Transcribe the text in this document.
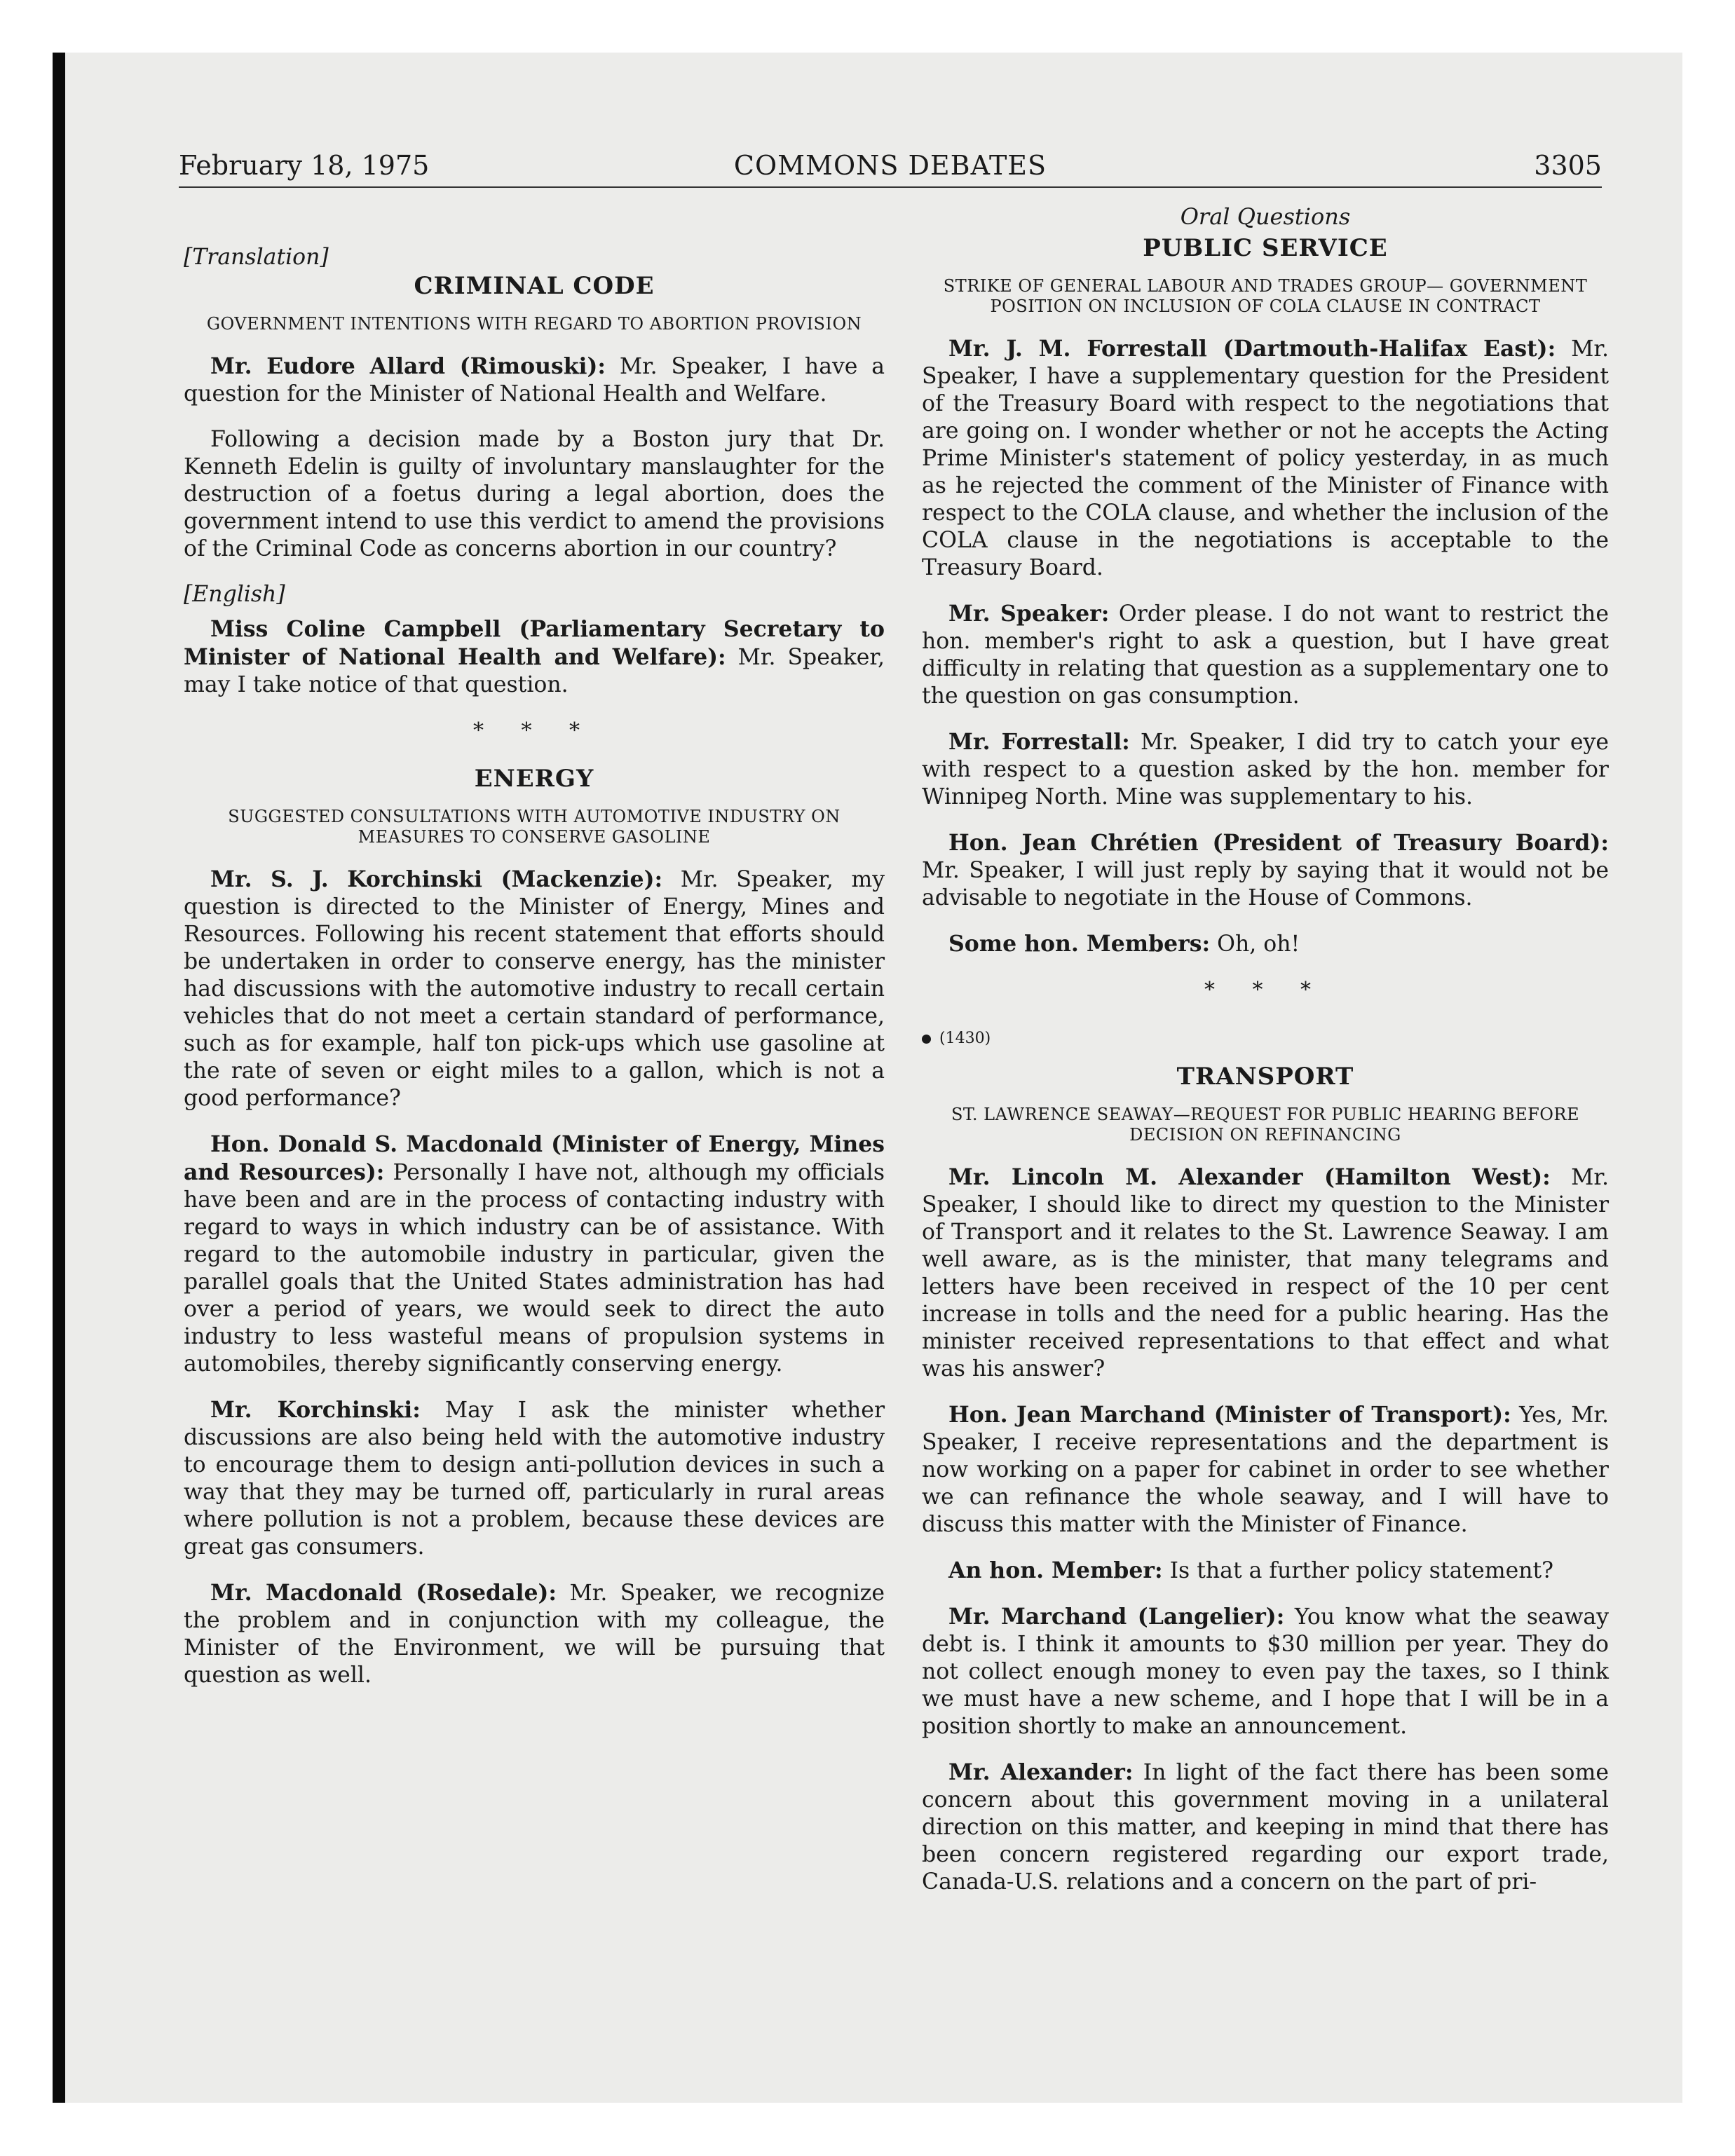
February 18, 1975	COMMONS DEBATES	3305
[Translation]
CRIMINAL CODE
GOVERNMENT INTENTIONS WITH REGARD TO ABORTION PROVISION

Mr. Eudore Allard (Rimouski): Mr. Speaker, I have a question for the Minister of National Health and Welfare.

Following a decision made by a Boston jury that Dr. Kenneth Edelin is guilty of involuntary manslaughter for the destruction of a foetus during a legal abortion, does the government intend to use this verdict to amend the provisions of the Criminal Code as concerns abortion in our country?

[English]

Miss Coline Campbell (Parliamentary Secretary to Minister of National Health and Welfare): Mr. Speaker, may I take notice of that question.

* * *
ENERGY
SUGGESTED CONSULTATIONS WITH AUTOMOTIVE INDUSTRY ON MEASURES TO CONSERVE GASOLINE

Mr. S. J. Korchinski (Mackenzie): Mr. Speaker, my question is directed to the Minister of Energy, Mines and Resources. Following his recent statement that efforts should be undertaken in order to conserve energy, has the minister had discussions with the automotive industry to recall certain vehicles that do not meet a certain standard of performance, such as for example, half ton pick-ups which use gasoline at the rate of seven or eight miles to a gallon, which is not a good performance?

Hon. Donald S. Macdonald (Minister of Energy, Mines and Resources): Personally I have not, although my officials have been and are in the process of contacting industry with regard to ways in which industry can be of assistance. With regard to the automobile industry in particular, given the parallel goals that the United States administration has had over a period of years, we would seek to direct the auto industry to less wasteful means of propulsion systems in automobiles, thereby significantly conserving energy.

Mr. Korchinski: May I ask the minister whether discussions are also being held with the automotive industry to encourage them to design anti-pollution devices in such a way that they may be turned off, particularly in rural areas where pollution is not a problem, because these devices are great gas consumers.

Mr. Macdonald (Rosedale): Mr. Speaker, we recognize the problem and in conjunction with my colleague, the Minister of the Environment, we will be pursuing that question as well.

Oral Questions
PUBLIC SERVICE
STRIKE OF GENERAL LABOUR AND TRADES GROUP— GOVERNMENT POSITION ON INCLUSION OF COLA CLAUSE IN CONTRACT

Mr. J. M. Forrestall (Dartmouth-Halifax East): Mr. Speaker, I have a supplementary question for the President of the Treasury Board with respect to the negotiations that are going on. I wonder whether or not he accepts the Acting Prime Minister's statement of policy yesterday, in as much as he rejected the comment of the Minister of Finance with respect to the COLA clause, and whether the inclusion of the COLA clause in the negotiations is acceptable to the Treasury Board.

Mr. Speaker: Order please. I do not want to restrict the hon. member's right to ask a question, but I have great difficulty in relating that question as a supplementary one to the question on gas consumption.

Mr. Forrestall: Mr. Speaker, I did try to catch your eye with respect to a question asked by the hon. member for Winnipeg North. Mine was supplementary to his.

Hon. Jean Chrétien (President of Treasury Board): Mr. Speaker, I will just reply by saying that it would not be advisable to negotiate in the House of Commons.

Some hon. Members: Oh, oh!

* * *
(1430)
TRANSPORT
ST. LAWRENCE SEAWAY—REQUEST FOR PUBLIC HEARING BEFORE DECISION ON REFINANCING

Mr. Lincoln M. Alexander (Hamilton West): Mr. Speaker, I should like to direct my question to the Minister of Transport and it relates to the St. Lawrence Seaway. I am well aware, as is the minister, that many telegrams and letters have been received in respect of the 10 per cent increase in tolls and the need for a public hearing. Has the minister received representations to that effect and what was his answer?

Hon. Jean Marchand (Minister of Transport): Yes, Mr. Speaker, I receive representations and the department is now working on a paper for cabinet in order to see whether we can refinance the whole seaway, and I will have to discuss this matter with the Minister of Finance.

An hon. Member: Is that a further policy statement?

Mr. Marchand (Langelier): You know what the seaway debt is. I think it amounts to $30 million per year. They do not collect enough money to even pay the taxes, so I think we must have a new scheme, and I hope that I will be in a position shortly to make an announcement.

Mr. Alexander: In light of the fact there has been some concern about this government moving in a unilateral direction on this matter, and keeping in mind that there has been concern registered regarding our export trade, Canada-U.S. relations and a concern on the part of pri-
